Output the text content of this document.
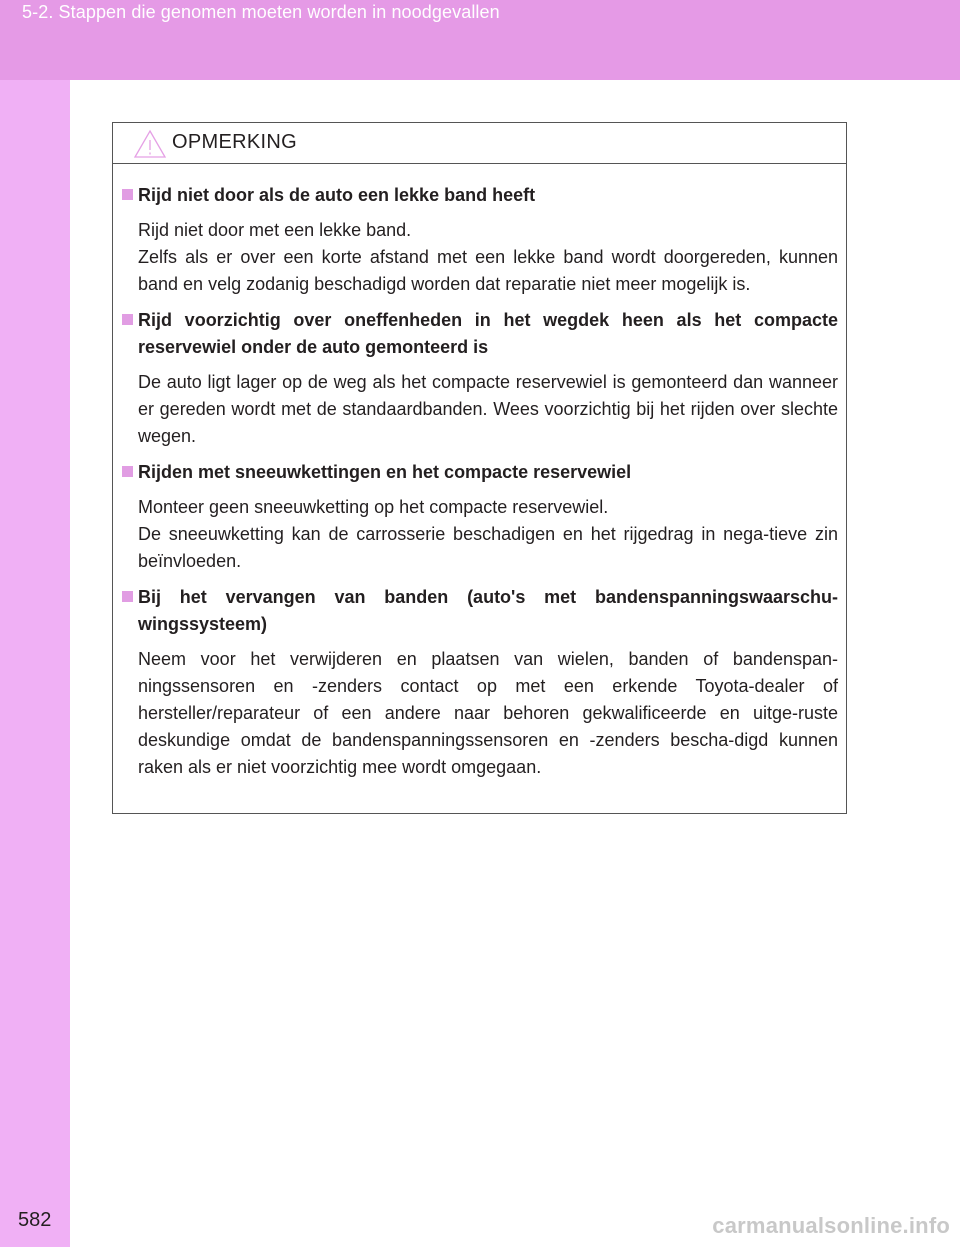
5-2. Stappen die genomen moeten worden in noodgevallen
582
OPMERKING
Rijd niet door als de auto een lekke band heeft

Rijd niet door met een lekke band.

Zelfs als er over een korte afstand met een lekke band wordt doorgereden, kunnen band en velg zodanig beschadigd worden dat reparatie niet meer mogelijk is.

Rijd voorzichtig over oneffenheden in het wegdek heen als het compacte reservewiel onder de auto gemonteerd is

De auto ligt lager op de weg als het compacte reservewiel is gemonteerd dan wanneer er gereden wordt met de standaardbanden. Wees voorzichtig bij het rijden over slechte wegen.

Rijden met sneeuwkettingen en het compacte reservewiel

Monteer geen sneeuwketting op het compacte reservewiel.

De sneeuwketting kan de carrosserie beschadigen en het rijgedrag in nega-tieve zin beïnvloeden.

Bij het vervangen van banden (auto's met bandenspanningswaarschu-wingssysteem)

Neem voor het verwijderen en plaatsen van wielen, banden of bandenspan-ningssensoren en -zenders contact op met een erkende Toyota-dealer of hersteller/reparateur of een andere naar behoren gekwalificeerde en uitge-ruste deskundige omdat de bandenspanningssensoren en -zenders bescha-digd kunnen raken als er niet voorzichtig mee wordt omgegaan.

carmanualsonline.info
